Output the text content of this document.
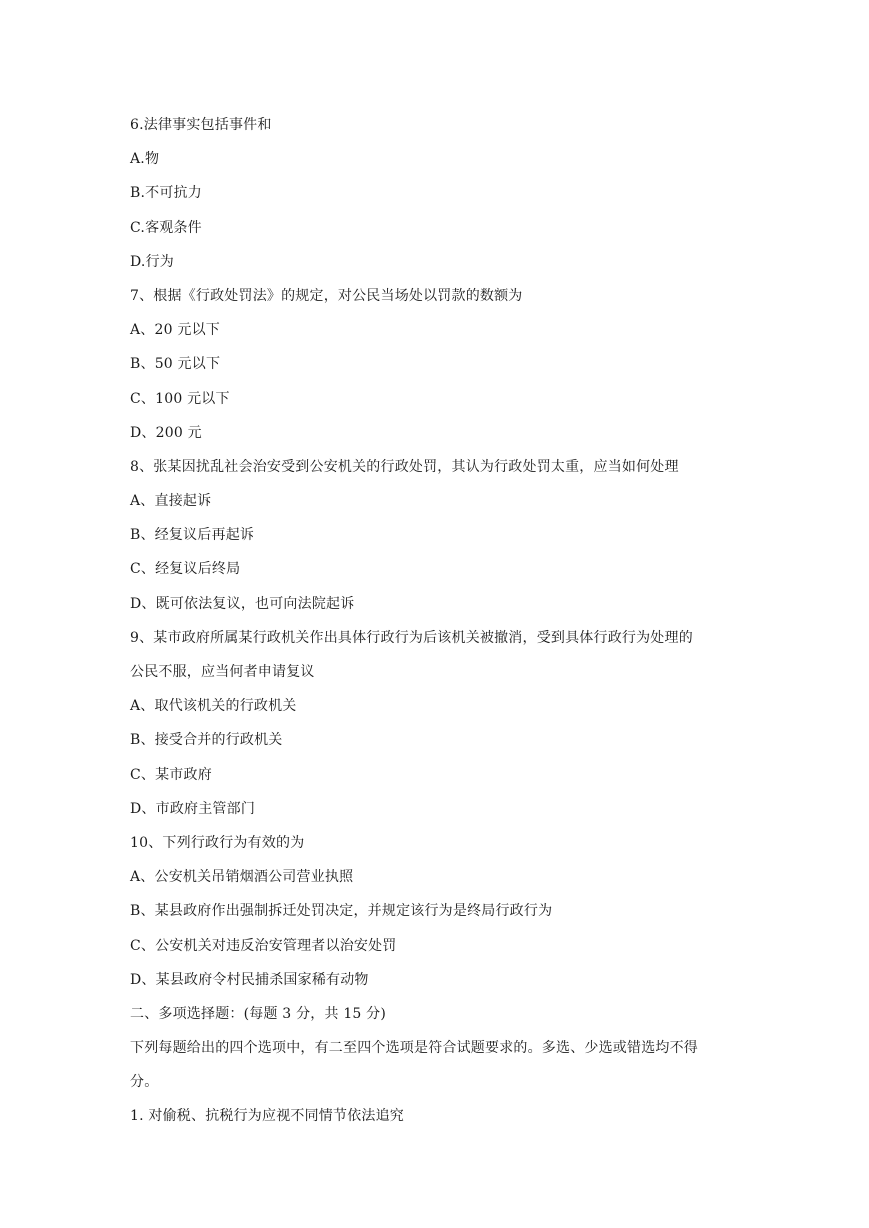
6.法律事实包括事件和
A.物
B.不可抗力
C.客观条件
D.行为
7、根据《行政处罚法》的规定，对公民当场处以罚款的数额为
A、20 元以下
B、50 元以下
C、100 元以下
D、200 元
8、张某因扰乱社会治安受到公安机关的行政处罚，其认为行政处罚太重，应当如何处理
A、直接起诉
B、经复议后再起诉
C、经复议后终局
D、既可依法复议，也可向法院起诉
9、某市政府所属某行政机关作出具体行政行为后该机关被撤消，受到具体行政行为处理的
公民不服，应当何者申请复议
A、取代该机关的行政机关
B、接受合并的行政机关
C、某市政府
D、市政府主管部门
10、下列行政行为有效的为
A、公安机关吊销烟酒公司营业执照
B、某县政府作出强制拆迁处罚决定，并规定该行为是终局行政行为
C、公安机关对违反治安管理者以治安处罚
D、某县政府令村民捕杀国家稀有动物
二、多项选择题：(每题 3 分，共 15 分)
下列每题给出的四个选项中，有二至四个选项是符合试题要求的。多选、少选或错选均不得
分。
1. 对偷税、抗税行为应视不同情节依法追究
